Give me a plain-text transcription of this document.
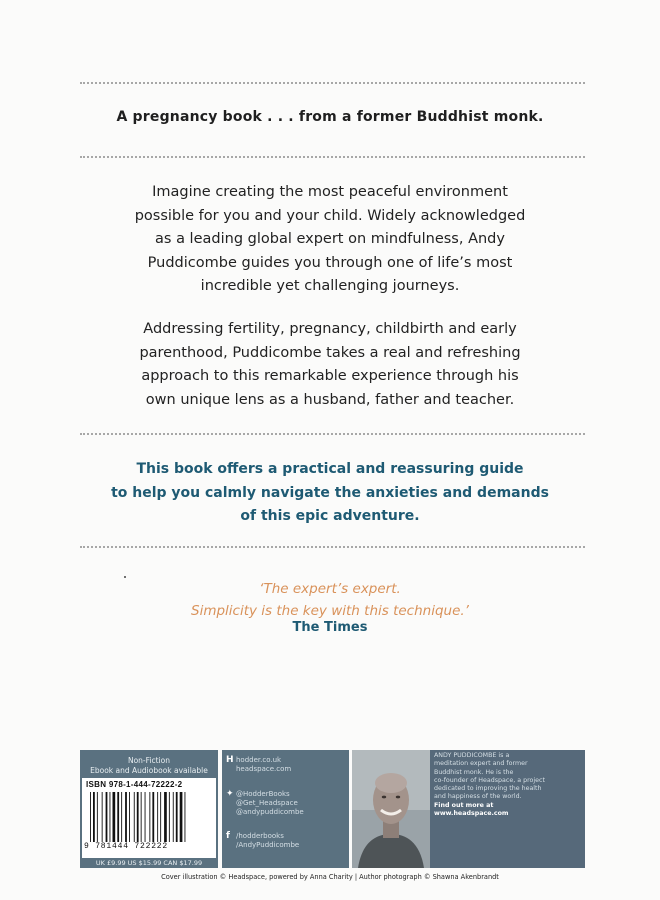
A pregnancy book . . . from a former Buddhist monk.
Imagine creating the most peaceful environment
possible for you and your child. Widely acknowledged
as a leading global expert on mindfulness, Andy
Puddicombe guides you through one of life’s most
incredible yet challenging journeys.
Addressing fertility, pregnancy, childbirth and early
parenthood, Puddicombe takes a real and refreshing
approach to this remarkable experience through his
own unique lens as a husband, father and teacher.
This book offers a practical and reassuring guide
to help you calmly navigate the anxieties and demands
of this epic adventure.
‘The expert’s expert.
Simplicity is the key with this technique.’
The Times
Non-Fiction
Ebook and Audiobook available
ISBN 978-1-444-72222-2
9 781444 722222
UK £9.99 US $15.99 CAN $17.99
H hodder.co.uk
headspace.com
✦ @HodderBooks
@Get_Headspace
@andypuddicombe
f /hodderbooks
/AndyPuddicombe
ANDY PUDDICOMBE is a
meditation expert and former
Buddhist monk. He is the
co-founder of Headspace, a project
dedicated to improving the health
and happiness of the world.
Find out more at
www.headspace.com
Cover illustration © Headspace, powered by Anna Charity | Author photograph © Shawna Akenbrandt
